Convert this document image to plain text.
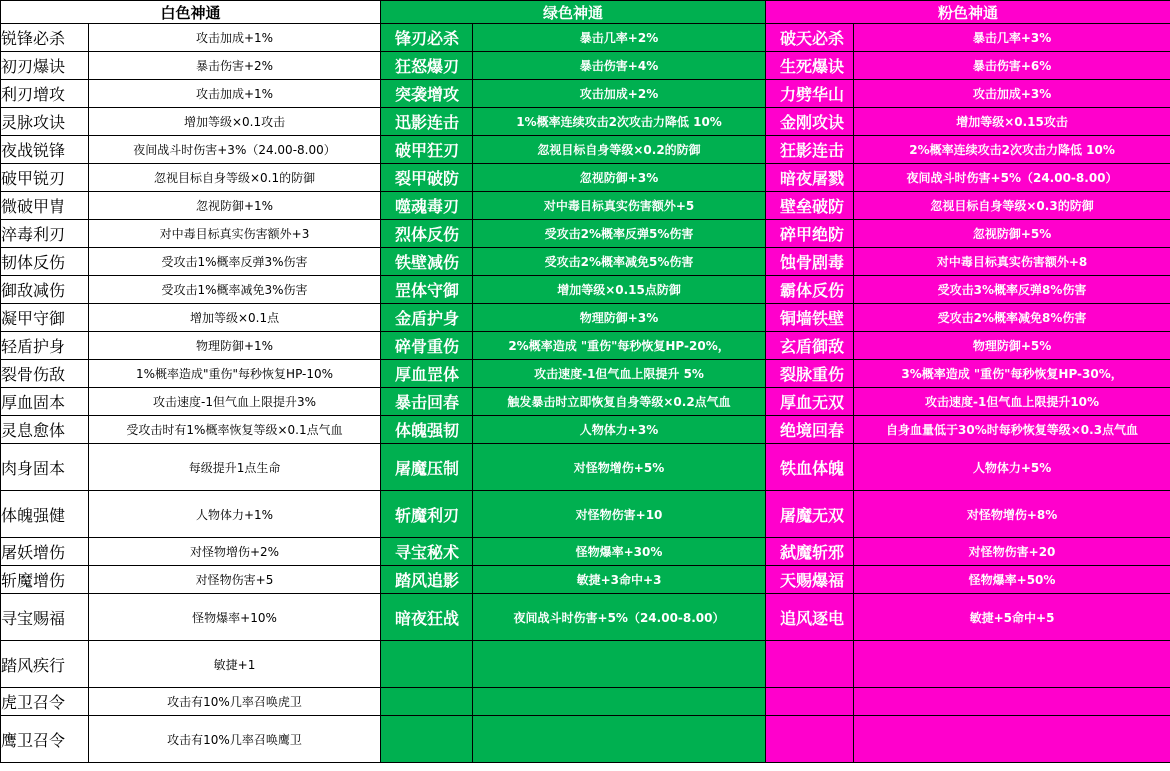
白色神通		绿色神通		粉色神通	
锐锋必杀	攻击加成+1%	锋刃必杀	暴击几率+2%	破天必杀	暴击几率+3%
初刃爆诀	暴击伤害+2%	狂怒爆刃	暴击伤害+4%	生死爆诀	暴击伤害+6%
利刃增攻	攻击加成+1%	突袭增攻	攻击加成+2%	力劈华山	攻击加成+3%
灵脉攻诀	增加等级×0.1攻击	迅影连击	1%概率连续攻击2次攻击力降低 10%	金刚攻诀	增加等级×0.15攻击
夜战锐锋	夜间战斗时伤害+3%（24.00-8.00）	破甲狂刃	忽视目标自身等级×0.2的防御	狂影连击	2%概率连续攻击2次攻击力降低 10%
破甲锐刃	忽视目标自身等级×0.1的防御	裂甲破防	忽视防御+3%	暗夜屠戮	夜间战斗时伤害+5%（24.00-8.00）
微破甲胄	忽视防御+1%	噬魂毒刃	对中毒目标真实伤害额外+5	壁垒破防	忽视目标自身等级×0.3的防御
淬毒利刃	对中毒目标真实伤害额外+3	烈体反伤	受攻击2%概率反弹5%伤害	碎甲绝防	忽视防御+5%
韧体反伤	受攻击1%概率反弹3%伤害	铁壁减伤	受攻击2%概率减免5%伤害	蚀骨剧毒	对中毒目标真实伤害额外+8
御敌减伤	受攻击1%概率减免3%伤害	罡体守御	增加等级×0.15点防御	霸体反伤	受攻击3%概率反弹8%伤害
凝甲守御	增加等级×0.1点	金盾护身	物理防御+3%	铜墙铁壁	受攻击2%概率减免8%伤害
轻盾护身	物理防御+1%	碎骨重伤	2%概率造成 "重伤"每秒恢复HP-20%，	玄盾御敌	物理防御+5%
裂骨伤敌	1%概率造成"重伤"每秒恢复HP-10%	厚血罡体	攻击速度-1但气血上限提升 5%	裂脉重伤	3%概率造成 "重伤"每秒恢复HP-30%，
厚血固本	攻击速度-1但气血上限提升3%	暴击回春	触发暴击时立即恢复自身等级×0.2点气血	厚血无双	攻击速度-1但气血上限提升10%
灵息愈体	受攻击时有1%概率恢复等级×0.1点气血	体魄强韧	人物体力+3%	绝境回春	自身血量低于30%时每秒恢复等级×0.3点气血
肉身固本	每级提升1点生命	屠魔压制	对怪物增伤+5%	铁血体魄	人物体力+5%
体魄强健	人物体力+1%	斩魔利刃	对怪物伤害+10	屠魔无双	对怪物增伤+8%
屠妖增伤	对怪物增伤+2%	寻宝秘术	怪物爆率+30%	弑魔斩邪	对怪物伤害+20
斩魔增伤	对怪物伤害+5	踏风追影	敏捷+3命中+3	天赐爆福	怪物爆率+50%
寻宝赐福	怪物爆率+10%	暗夜狂战	夜间战斗时伤害+5%（24.00-8.00）	追风逐电	敏捷+5命中+5
踏风疾行	敏捷+1				
虎卫召令	攻击有10%几率召唤虎卫				
鹰卫召令	攻击有10%几率召唤鹰卫				
